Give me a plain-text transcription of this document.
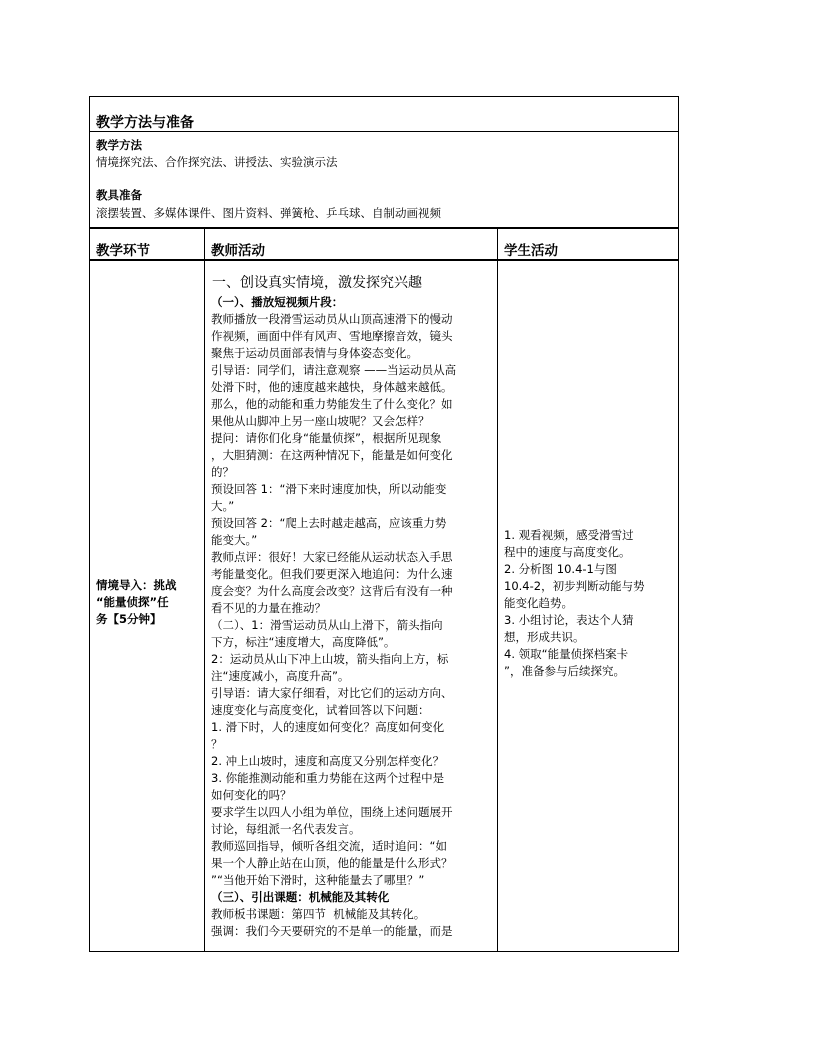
教学方法与准备
教学方法
情境探究法、合作探究法、讲授法、实验演示法
教具准备
滚摆装置、多媒体课件、图片资料、弹簧枪、乒乓球、自制动画视频
教学环节	教师活动	学生活动
情境导入：挑战
“能量侦探”任
务【5分钟】
一、创设真实情境，激发探究兴趣
（一）、播放短视频片段：
教师播放一段滑雪运动员从山顶高速滑下的慢动
作视频，画面中伴有风声、雪地摩擦音效，镜头
聚焦于运动员面部表情与身体姿态变化。
引导语：同学们，请注意观察 ——当运动员从高
处滑下时，他的速度越来越快，身体越来越低。
那么，他的动能和重力势能发生了什么变化？如
果他从山脚冲上另一座山坡呢？又会怎样？
提问：请你们化身“能量侦探”，根据所见现象
，大胆猜测：在这两种情况下，能量是如何变化
的？
预设回答 1：“滑下来时速度加快，所以动能变
大。”
预设回答 2：“爬上去时越走越高，应该重力势
能变大。”
教师点评：很好！大家已经能从运动状态入手思
考能量变化。但我们要更深入地追问：为什么速
度会变？为什么高度会改变？这背后有没有一种
看不见的力量在推动？
（二）、1：滑雪运动员从山上滑下，箭头指向
下方，标注“速度增大，高度降低”。
2：运动员从山下冲上山坡，箭头指向上方，标
注“速度减小，高度升高”。
引导语：请大家仔细看，对比它们的运动方向、
速度变化与高度变化，试着回答以下问题：
1. 滑下时，人的速度如何变化？高度如何变化
？
2. 冲上山坡时，速度和高度又分别怎样变化？
3. 你能推测动能和重力势能在这两个过程中是
如何变化的吗？
要求学生以四人小组为单位，围绕上述问题展开
讨论，每组派一名代表发言。
教师巡回指导，倾听各组交流，适时追问：“如
果一个人静止站在山顶，他的能量是什么形式？
”“当他开始下滑时，这种能量去了哪里？”
（三）、引出课题：机械能及其转化
教师板书课题：第四节  机械能及其转化。
强调：我们今天要研究的不是单一的能量，而是
1. 观看视频，感受滑雪过
程中的速度与高度变化。
2. 分析图 10.4-1与图
10.4-2，初步判断动能与势
能变化趋势。
3. 小组讨论，表达个人猜
想，形成共识。
4. 领取“能量侦探档案卡
”，准备参与后续探究。
